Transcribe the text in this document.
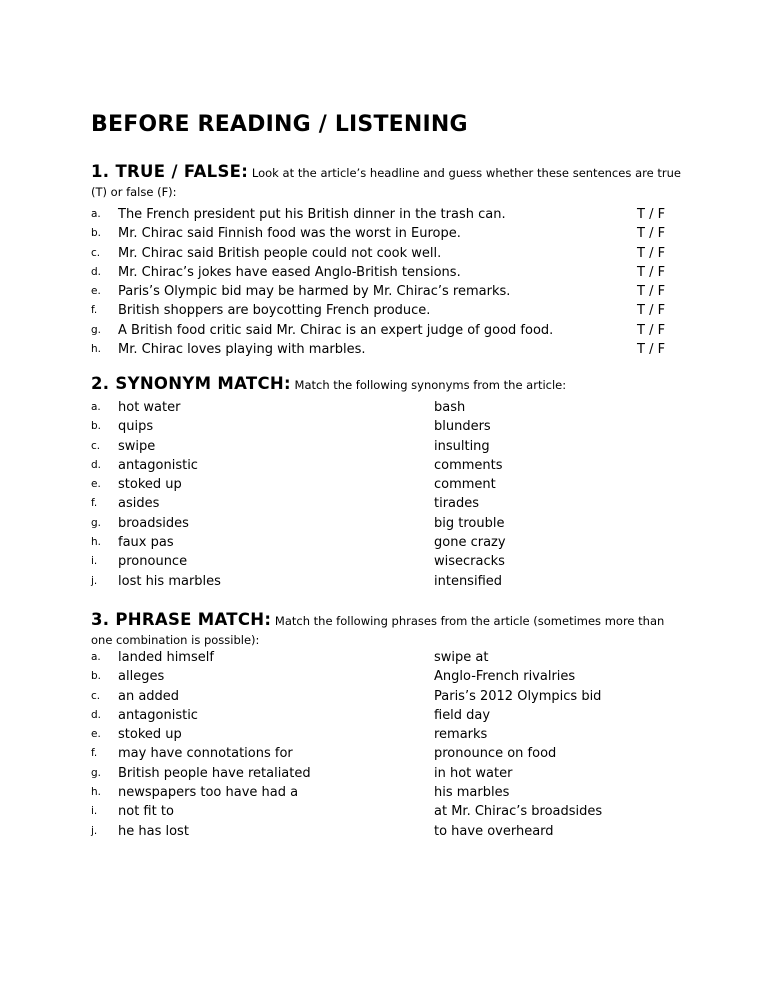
BEFORE READING / LISTENING

1. TRUE / FALSE: Look at the article’s headline and guess whether these sentences are true (T) or false (F):

a. The French president put his British dinner in the trash can.	T / F
b. Mr. Chirac said Finnish food was the worst in Europe.	T / F
c. Mr. Chirac said British people could not cook well.	T / F
d. Mr. Chirac’s jokes have eased Anglo-British tensions.	T / F
e. Paris’s Olympic bid may be harmed by Mr. Chirac’s remarks.	T / F
f. British shoppers are boycotting French produce.	T / F
g. A British food critic said Mr. Chirac is an expert judge of good food.	T / F
h. Mr. Chirac loves playing with marbles.	T / F

2. SYNONYM MATCH: Match the following synonyms from the article:

a. hot water	bash
b. quips	blunders
c. swipe	insulting
d. antagonistic	comments
e. stoked up	comment
f. asides	tirades
g. broadsides	big trouble
h. faux pas	gone crazy
i. pronounce	wisecracks
j. lost his marbles	intensified

3. PHRASE MATCH: Match the following phrases from the article (sometimes more than one combination is possible):

a. landed himself	swipe at
b. alleges	Anglo-French rivalries
c. an added	Paris’s 2012 Olympics bid
d. antagonistic	field day
e. stoked up	remarks
f. may have connotations for	pronounce on food
g. British people have retaliated	in hot water
h. newspapers too have had a	his marbles
i. not fit to	at Mr. Chirac’s broadsides
j. he has lost	to have overheard
